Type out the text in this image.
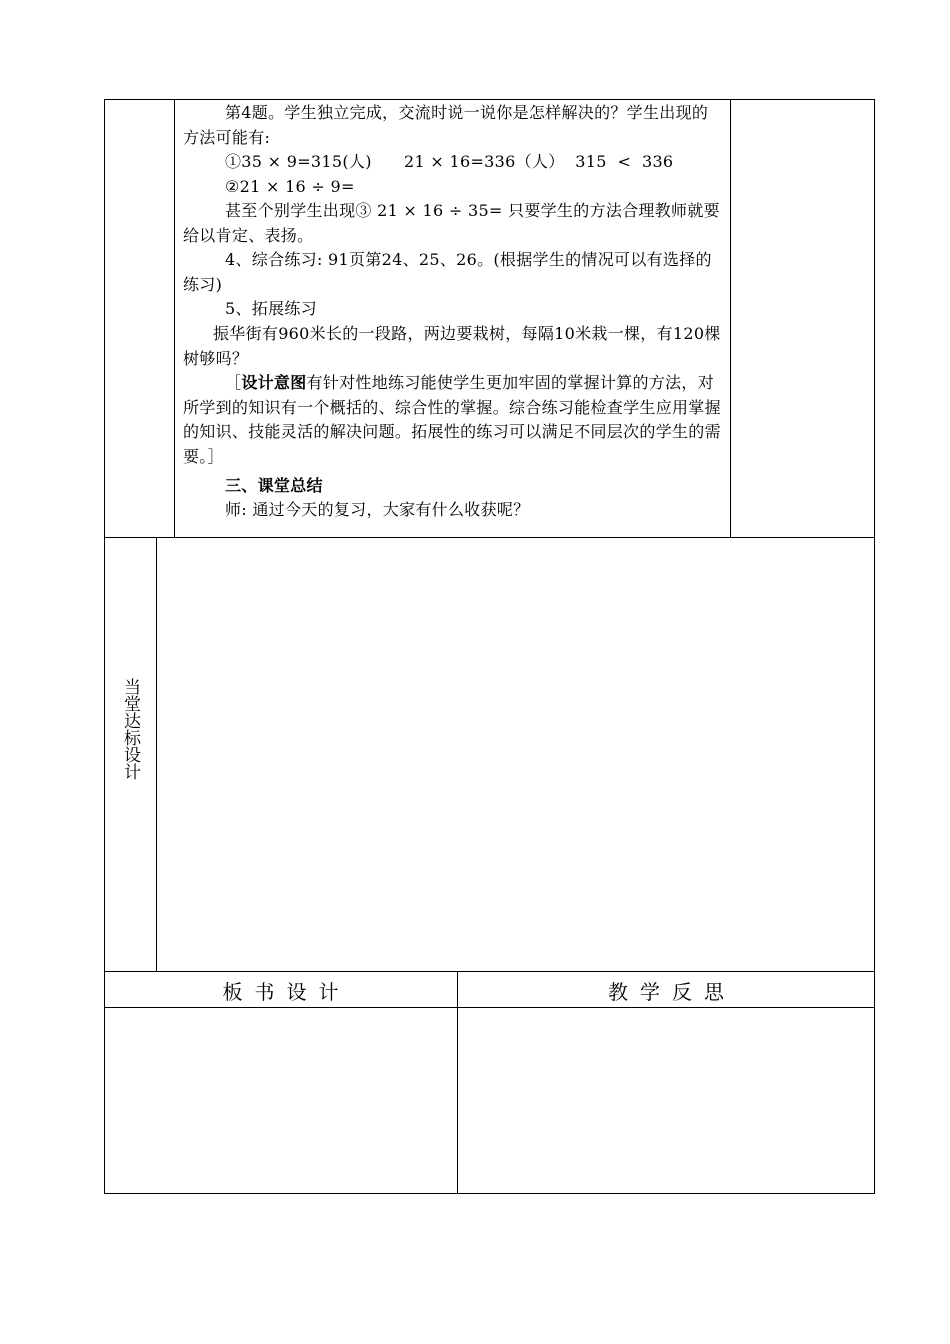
第4题。学生独立完成，交流时说一说你是怎样解决的？学生出现的方法可能有:
①35 × 9=315(人)      21 × 16=336（人）  315  <  336
②21 × 16 ÷ 9=
甚至个别学生出现③ 21 × 16 ÷ 35= 只要学生的方法合理教师就要给以肯定、表扬。
4、综合练习: 91页第24、25、26。(根据学生的情况可以有选择的练习)
5、拓展练习
振华街有960米长的一段路，两边要栽树，每隔10米栽一棵，有120棵树够吗？
［设计意图有针对性地练习能使学生更加牢固的掌握计算的方法，对所学到的知识有一个概括的、综合性的掌握。综合练习能检查学生应用掌握的知识、技能灵活的解决问题。拓展性的练习可以满足不同层次的学生的需要。］
三、课堂总结
师: 通过今天的复习，大家有什么收获呢？
当堂达标设计
板书设计	教学反思
